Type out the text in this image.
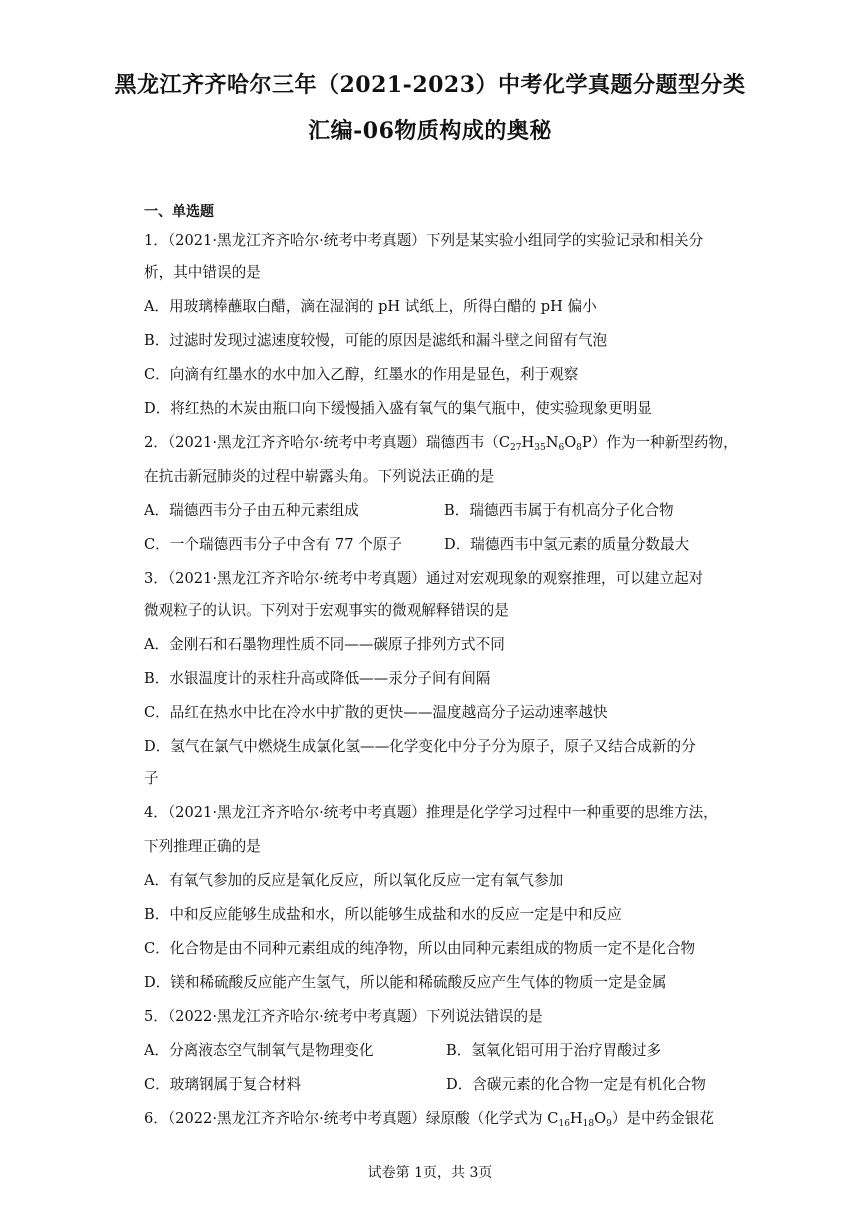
黑龙江齐齐哈尔三年（2021-2023）中考化学真题分题型分类
汇编-06物质构成的奥秘
一、单选题
1．（2021·黑龙江齐齐哈尔·统考中考真题）下列是某实验小组同学的实验记录和相关分
析，其中错误的是
A．用玻璃棒蘸取白醋，滴在湿润的 pH 试纸上，所得白醋的 pH 偏小
B．过滤时发现过滤速度较慢，可能的原因是滤纸和漏斗壁之间留有气泡
C．向滴有红墨水的水中加入乙醇，红墨水的作用是显色，利于观察
D．将红热的木炭由瓶口向下缓慢插入盛有氧气的集气瓶中，使实验现象更明显
2．（2021·黑龙江齐齐哈尔·统考中考真题）瑞德西韦$(C_{27}H_{35}N_6O_8P)$作为一种新型药物，
在抗击新冠肺炎的过程中崭露头角。下列说法正确的是
A．瑞德西韦分子由五种元素组成	B．瑞德西韦属于有机高分子化合物
C．一个瑞德西韦分子中含有 77 个原子	D．瑞德西韦中氢元素的质量分数最大
3．（2021·黑龙江齐齐哈尔·统考中考真题）通过对宏观现象的观察推理，可以建立起对
微观粒子的认识。下列对于宏观事实的微观解释错误的是
A．金刚石和石墨物理性质不同——碳原子排列方式不同
B．水银温度计的汞柱升高或降低——汞分子间有间隔
C．品红在热水中比在冷水中扩散的更快——温度越高分子运动速率越快
D．氢气在氯气中燃烧生成氯化氢——化学变化中分子分为原子，原子又结合成新的分
子
4．（2021·黑龙江齐齐哈尔·统考中考真题）推理是化学学习过程中一种重要的思维方法，
下列推理正确的是
A．有氧气参加的反应是氧化反应，所以氧化反应一定有氧气参加
B．中和反应能够生成盐和水，所以能够生成盐和水的反应一定是中和反应
C．化合物是由不同种元素组成的纯净物，所以由同种元素组成的物质一定不是化合物
D．镁和稀硫酸反应能产生氢气，所以能和稀硫酸反应产生气体的物质一定是金属
5．（2022·黑龙江齐齐哈尔·统考中考真题）下列说法错误的是
A．分离液态空气制氧气是物理变化	B．氢氧化铝可用于治疗胃酸过多
C．玻璃钢属于复合材料	D．含碳元素的化合物一定是有机化合物
6．（2022·黑龙江齐齐哈尔·统考中考真题）绿原酸（化学式为 $C_{16}H_{18}O_9$）是中药金银花
试卷第 1页，共 3页
